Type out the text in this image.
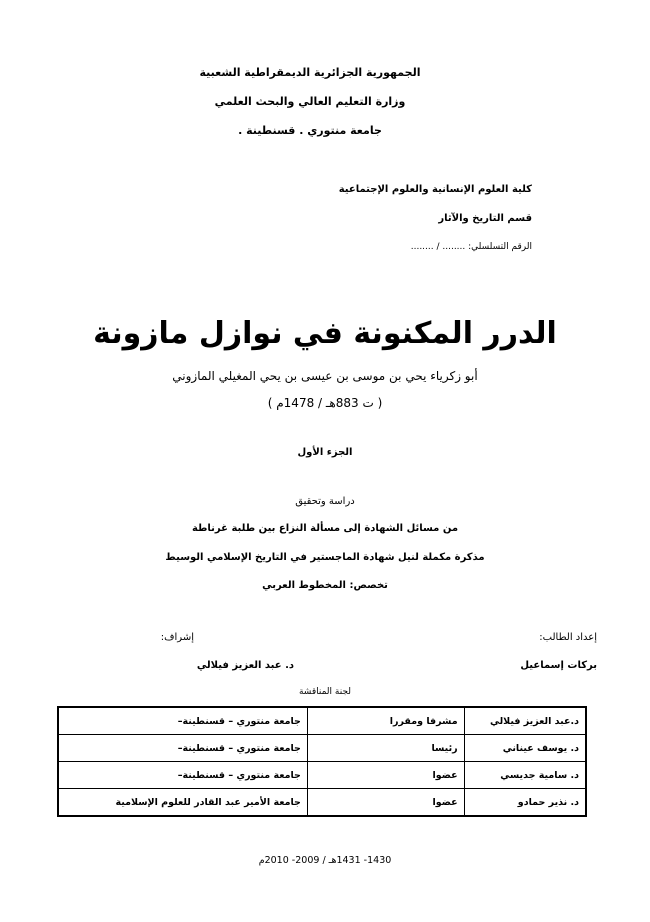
الجمهورية الجزائرية الديمقراطية الشعبية
وزارة التعليم العالي والبحث العلمي
جامعة منتوري . قسنطينة .
كلية العلوم الإنسانية والعلوم الإجتماعية
قسم التاريخ والآثار
الرقم التسلسلي: ........ / ........
الدرر المكنونة في نوازل مازونة
أبو زكرياء يحي بن موسى بن عيسى بن يحي المغيلي المازوني
( ت 883هـ / 1478م )
الجزء الأول
دراسة وتحقيق
من مسائل الشهادة إلى مسألة النزاع بين طلبة غرناطة
مذكرة مكملة لنيل شهادة الماجستير في التاريخ الإسلامي الوسيط
تخصص: المخطوط العربي
إعداد الطالب:
بركات إسماعيل
إشراف:
د. عبد العزيز فيلالي
لجنة المناقشة
د.عبد العزيز فيلالي	مشرفا ومقررا	جامعة منتوري – قسنطينة–
د. يوسف عيناني	رئيسا	جامعة منتوري – قسنطينة–
د. سامية جديسي	عضوا	جامعة منتوري – قسنطينة–
د. نذير حمادو	عضوا	جامعة الأمير عبد القادر للعلوم الإسلامية
1430- 1431هـ / 2009- 2010م
